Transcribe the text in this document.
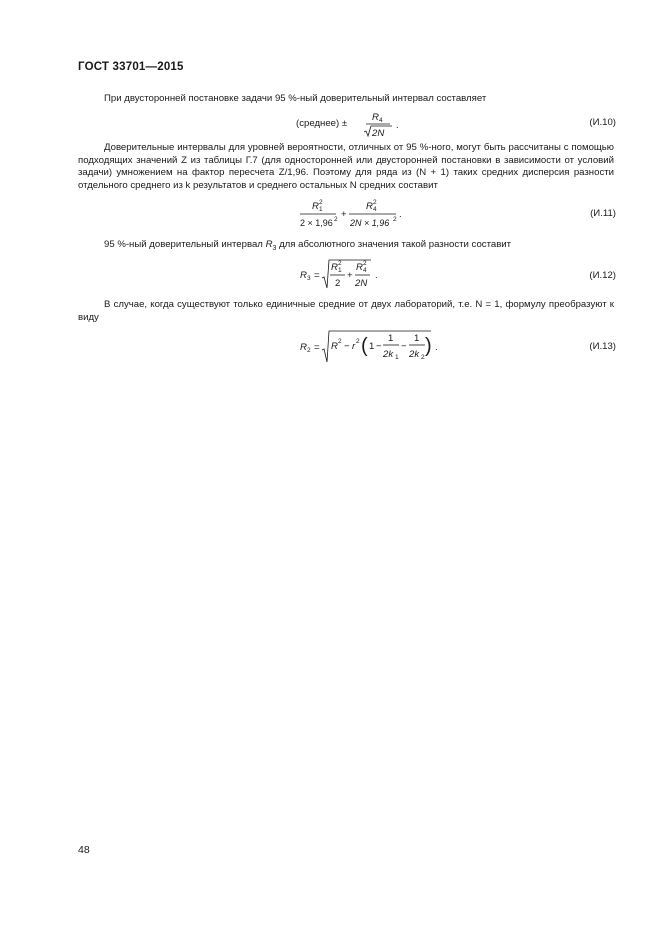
ГОСТ 33701—2015
При двусторонней постановке задачи 95 %-ный доверительный интервал составляет
(среднее) ±
R 4
2N
.	(И.10)
Доверительные интервалы для уровней вероятности, отличных от 95 %-ного, могут быть рассчитаны с помощью подходящих значений Z из таблицы Г.7 (для односторонней или двусторонней постановки в зависимости от условий задачи) умножением на фактор пересчета Z/1,96. Поэтому для ряда из (N + 1) таких средних дисперсия разности отдельного среднего из k результатов и среднего остальных N средних составит
R 1
2
2 × 1,96 2 +
R 4
2
2N × 1,96 2 .	(И.11)
95 %-ный доверительный интервал $R_3$ для абсолютного значения такой разности составит
R 3 =
R 1
2
2
+
R 4
2
2N
.	(И.12)
В случае, когда существуют только единичные средние от двух лабораторий, т.е. N = 1, формулу преобразуют к виду
R 2 = R 2 − r 2 ( 1 −
1
2k 1
−
1
2k 2
) .	(И.13)
48
